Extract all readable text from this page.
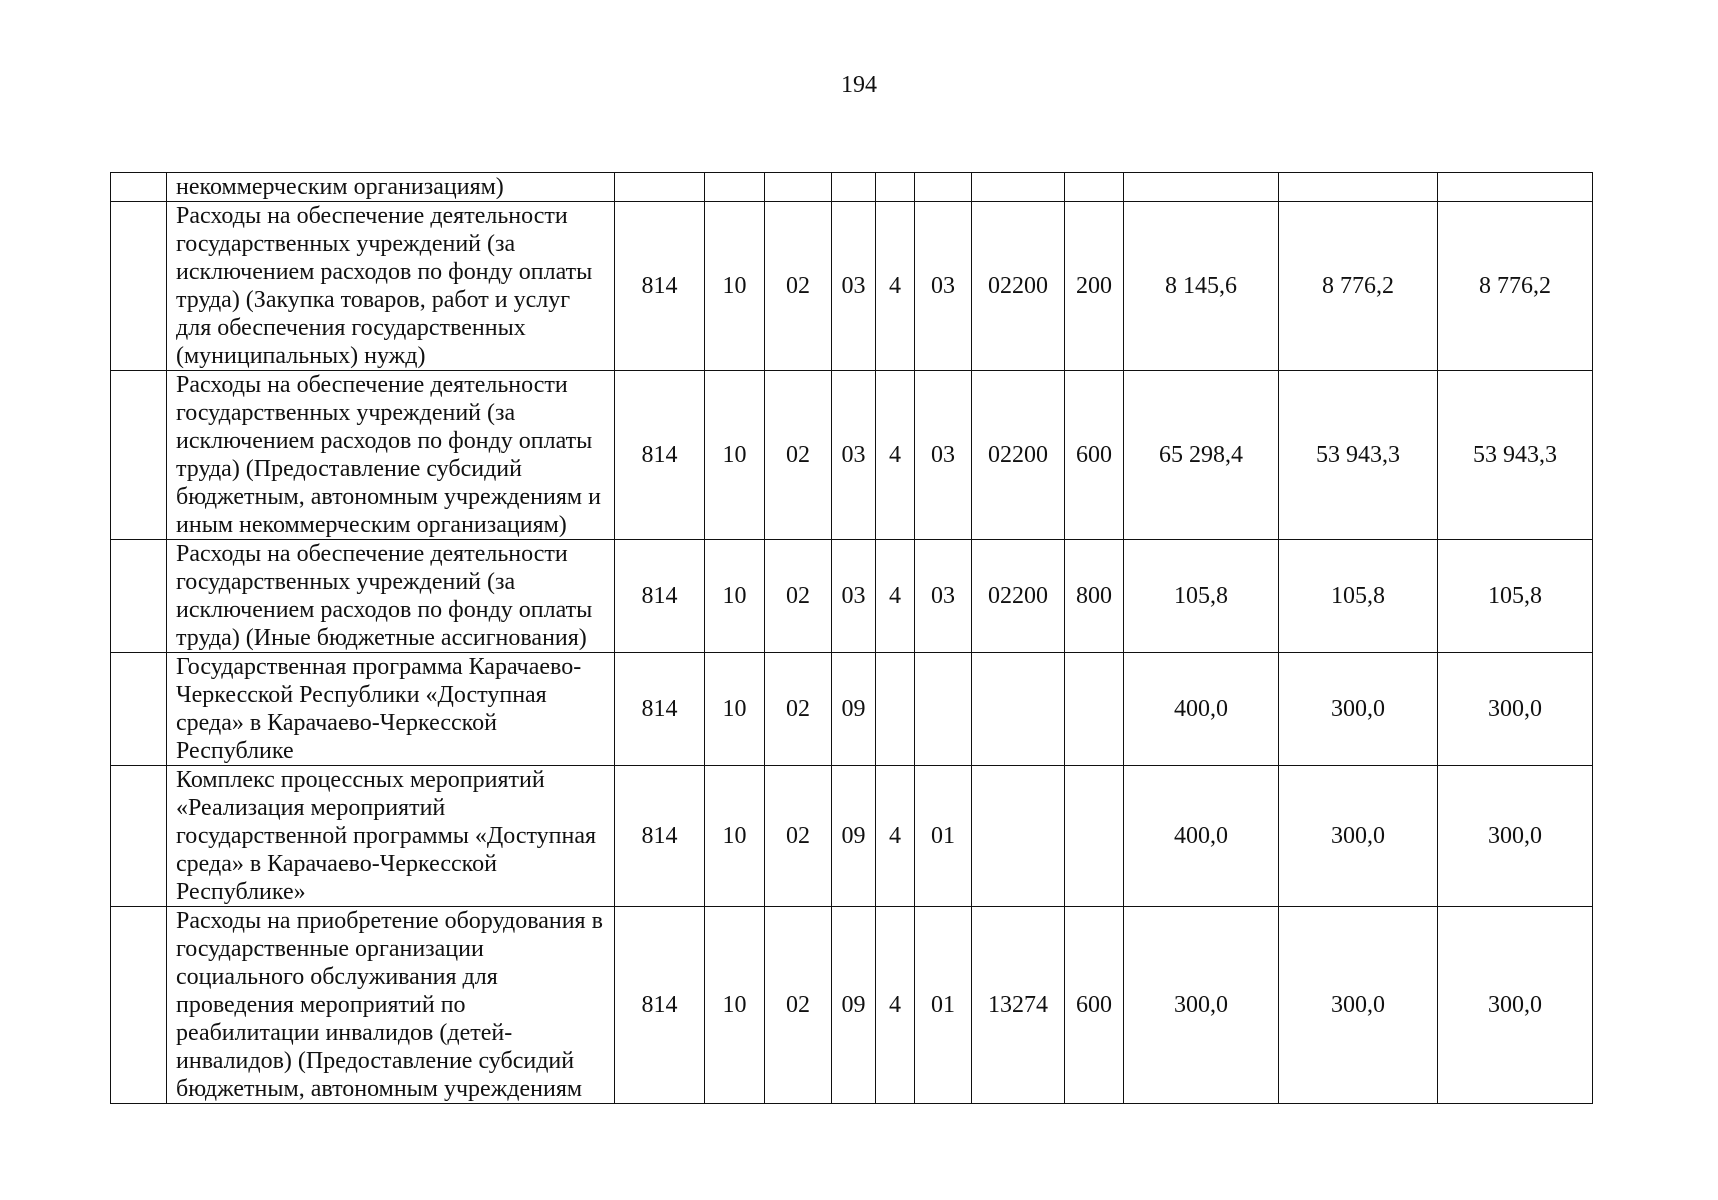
194
	некоммерческим организациям)											
	Расходы на обеспечение деятельности государственных учреждений (за исключением расходов по фонду оплаты труда) (Закупка товаров, работ и услуг для обеспечения государственных (муниципальных) нужд)	814	10	02	03	4	03	02200	200	8 145,6	8 776,2	8 776,2
	Расходы на обеспечение деятельности государственных учреждений (за исключением расходов по фонду оплаты труда) (Предоставление субсидий бюджетным, автономным учреждениям и иным некоммерческим организациям)	814	10	02	03	4	03	02200	600	65 298,4	53 943,3	53 943,3
	Расходы на обеспечение деятельности государственных учреждений (за исключением расходов по фонду оплаты труда) (Иные бюджетные ассигнования)	814	10	02	03	4	03	02200	800	105,8	105,8	105,8
	Государственная программа Карачаево-Черкесской Республики «Доступная среда» в Карачаево-Черкесской Республике	814	10	02	09					400,0	300,0	300,0
	Комплекс процессных мероприятий «Реализация мероприятий государственной программы «Доступная среда» в Карачаево-Черкесской Республике»	814	10	02	09	4	01			400,0	300,0	300,0
	Расходы на приобретение оборудования в государственные организации социального обслуживания для проведения мероприятий по реабилитации инвалидов (детей-инвалидов) (Предоставление субсидий бюджетным, автономным учреждениям	814	10	02	09	4	01	13274	600	300,0	300,0	300,0
